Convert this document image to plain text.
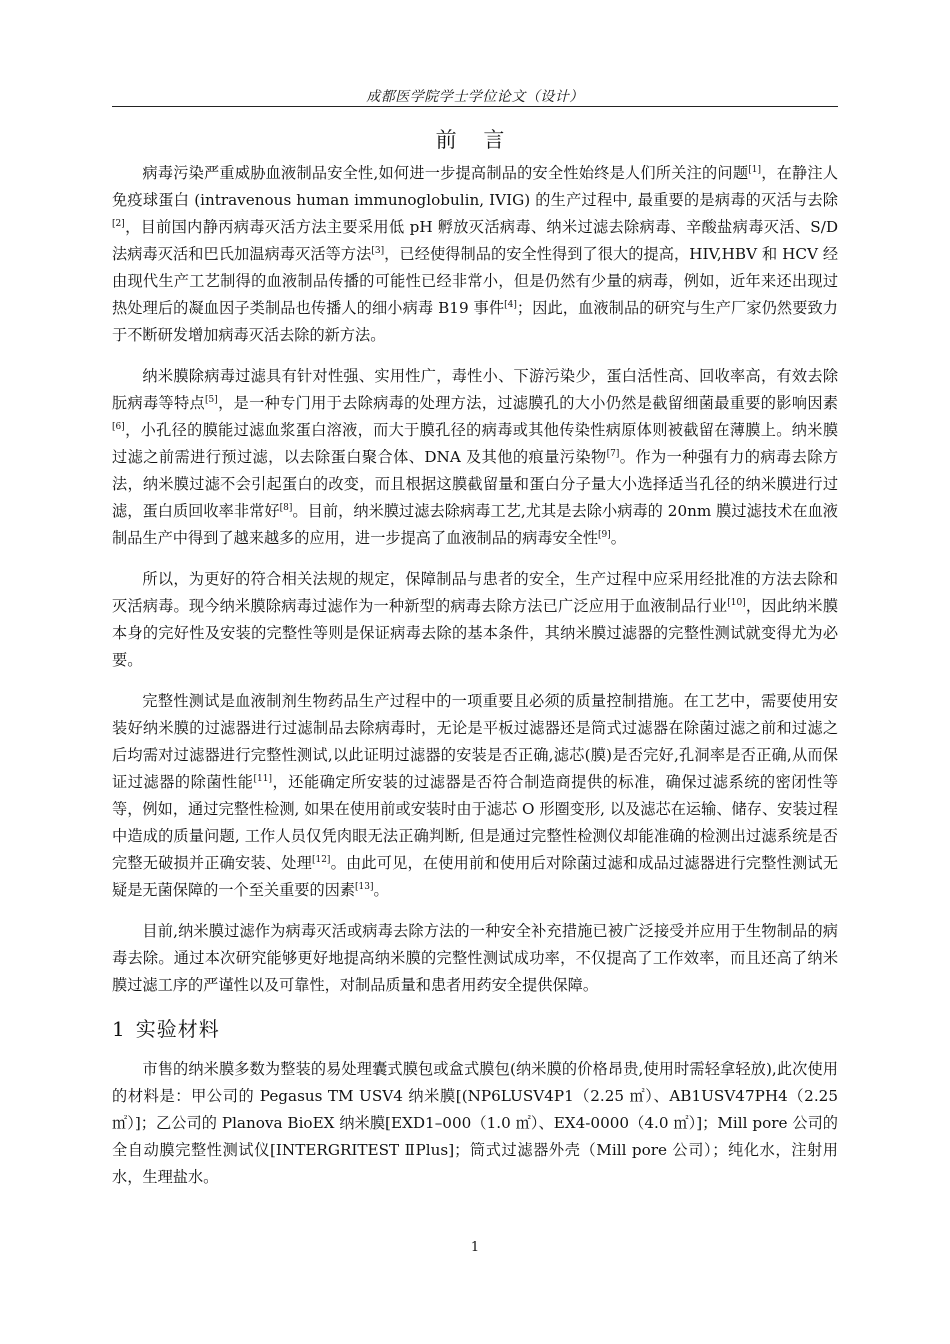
成都医学院学士学位论文（设计）
前 言

病毒污染严重威胁血液制品安全性,如何进一步提高制品的安全性始终是人们所关注的问题[1]，在静注人免疫球蛋白 (intravenous human immunoglobulin, IVIG) 的生产过程中, 最重要的是病毒的灭活与去除[2]，目前国内静丙病毒灭活方法主要采用低 pH 孵放灭活病毒、纳米过滤去除病毒、辛酸盐病毒灭活、S/D 法病毒灭活和巴氏加温病毒灭活等方法[3]，已经使得制品的安全性得到了很大的提高，HIV,HBV 和 HCV 经由现代生产工艺制得的血液制品传播的可能性已经非常小，但是仍然有少量的病毒，例如，近年来还出现过热处理后的凝血因子类制品也传播人的细小病毒 B19 事件[4]；因此，血液制品的研究与生产厂家仍然要致力于不断研发增加病毒灭活去除的新方法。

纳米膜除病毒过滤具有针对性强、实用性广，毒性小、下游污染少，蛋白活性高、回收率高，有效去除朊病毒等特点[5]，是一种专门用于去除病毒的处理方法，过滤膜孔的大小仍然是截留细菌最重要的影响因素[6]，小孔径的膜能过滤血浆蛋白溶液，而大于膜孔径的病毒或其他传染性病原体则被截留在薄膜上。纳米膜过滤之前需进行预过滤，以去除蛋白聚合体、DNA 及其他的痕量污染物[7]。作为一种强有力的病毒去除方法，纳米膜过滤不会引起蛋白的改变，而且根据这膜截留量和蛋白分子量大小选择适当孔径的纳米膜进行过滤，蛋白质回收率非常好[8]。目前，纳米膜过滤去除病毒工艺,尤其是去除小病毒的 20nm 膜过滤技术在血液制品生产中得到了越来越多的应用，进一步提高了血液制品的病毒安全性[9]。

所以，为更好的符合相关法规的规定，保障制品与患者的安全，生产过程中应采用经批准的方法去除和灭活病毒。现今纳米膜除病毒过滤作为一种新型的病毒去除方法已广泛应用于血液制品行业[10]，因此纳米膜本身的完好性及安装的完整性等则是保证病毒去除的基本条件，其纳米膜过滤器的完整性测试就变得尤为必要。

完整性测试是血液制剂生物药品生产过程中的一项重要且必须的质量控制措施。在工艺中，需要使用安装好纳米膜的过滤器进行过滤制品去除病毒时，无论是平板过滤器还是筒式过滤器在除菌过滤之前和过滤之后均需对过滤器进行完整性测试,以此证明过滤器的安装是否正确,滤芯(膜)是否完好,孔洞率是否正确,从而保证过滤器的除菌性能[11]，还能确定所安装的过滤器是否符合制造商提供的标准，确保过滤系统的密闭性等等，例如，通过完整性检测, 如果在使用前或安装时由于滤芯 O 形圈变形, 以及滤芯在运输、储存、安装过程中造成的质量问题, 工作人员仅凭肉眼无法正确判断, 但是通过完整性检测仪却能准确的检测出过滤系统是否完整无破损并正确安装、处理[12]。由此可见，在使用前和使用后对除菌过滤和成品过滤器进行完整性测试无疑是无菌保障的一个至关重要的因素[13]。

目前,纳米膜过滤作为病毒灭活或病毒去除方法的一种安全补充措施已被广泛接受并应用于生物制品的病毒去除。通过本次研究能够更好地提高纳米膜的完整性测试成功率，不仅提高了工作效率，而且还高了纳米膜过滤工序的严谨性以及可靠性，对制品质量和患者用药安全提供保障。

1 实验材料

市售的纳米膜多数为整装的易处理囊式膜包或盒式膜包(纳米膜的价格昂贵,使用时需轻拿轻放),此次使用的材料是：甲公司的 Pegasus TM USV4 纳米膜[(NP6LUSV4P1（2.25 ㎡）、AB1USV47PH4（2.25 ㎡）]；乙公司的 Planova BioEX 纳米膜[EXD1–000（1.0 ㎡）、EX4-0000（4.0 ㎡）]；Mill pore 公司的全自动膜完整性测试仪[INTERGRITEST ⅡPlus]；筒式过滤器外壳（Mill pore 公司）；纯化水，注射用水，生理盐水。

1
